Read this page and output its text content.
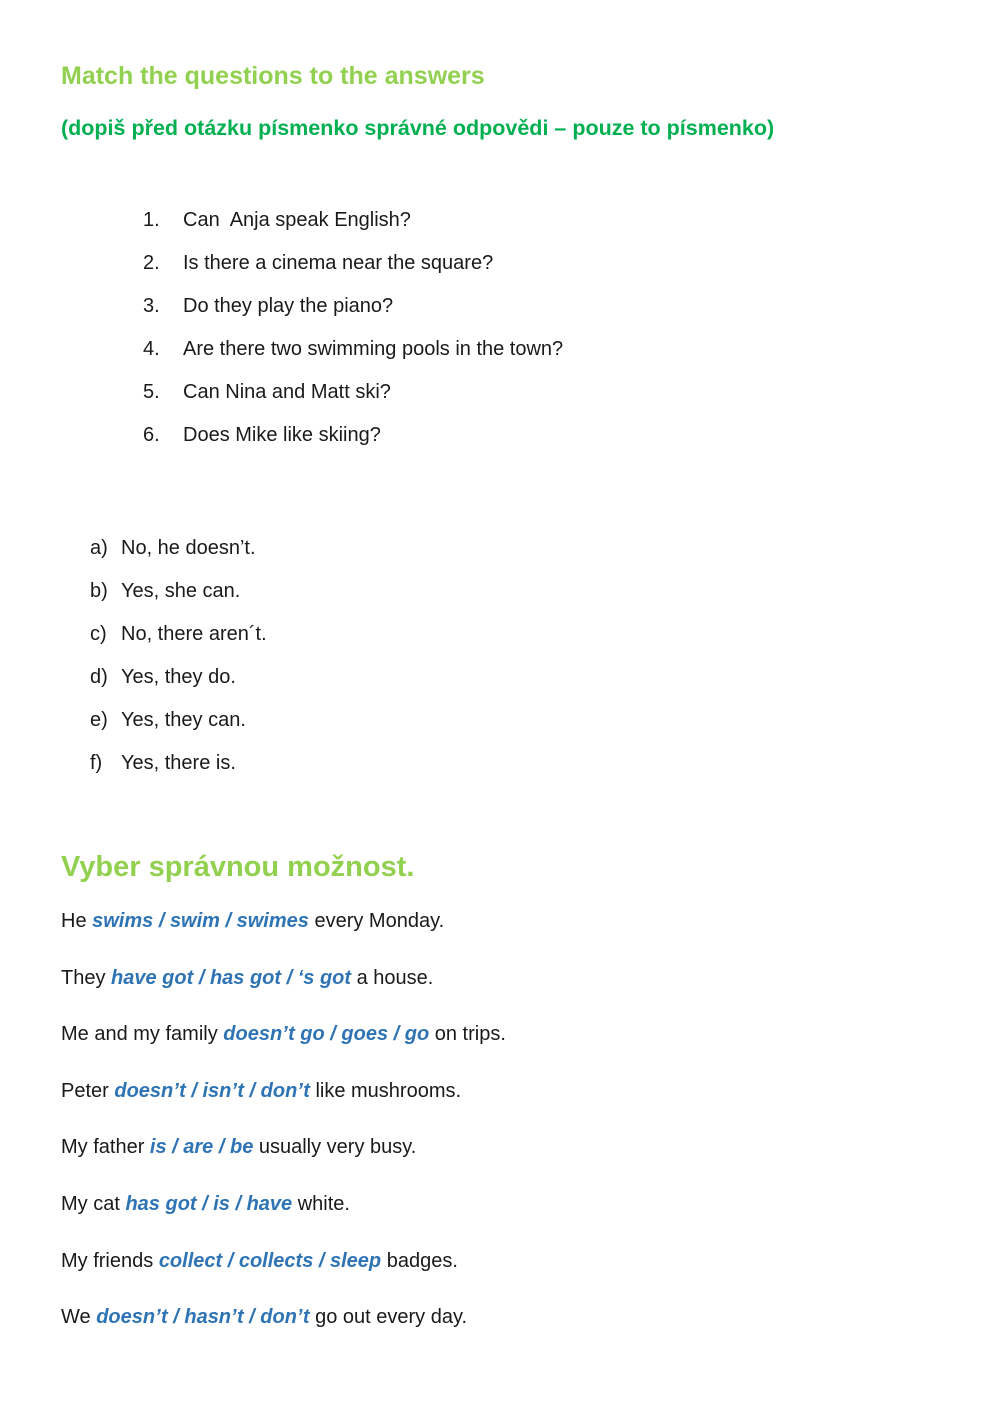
Match the questions to the answers
(dopiš před otázku písmenko správné odpovědi – pouze to písmenko)
1. Can  Anja speak English?
2. Is there a cinema near the square?
3. Do they play the piano?
4. Are there two swimming pools in the town?
5. Can Nina and Matt ski?
6. Does Mike like skiing?
a) No, he doesn’t.
b) Yes, she can.
c) No, there aren´t.
d) Yes, they do.
e) Yes, they can.
f) Yes, there is.
Vyber správnou možnost.
He swims / swim / swimes every Monday.
They have got / has got / ‘s got a house.
Me and my family doesn’t go / goes / go on trips.
Peter doesn’t / isn’t / don’t like mushrooms.
My father is / are / be usually very busy.
My cat has got / is / have white.
My friends collect / collects / sleep badges.
We doesn’t / hasn’t / don’t go out every day.
